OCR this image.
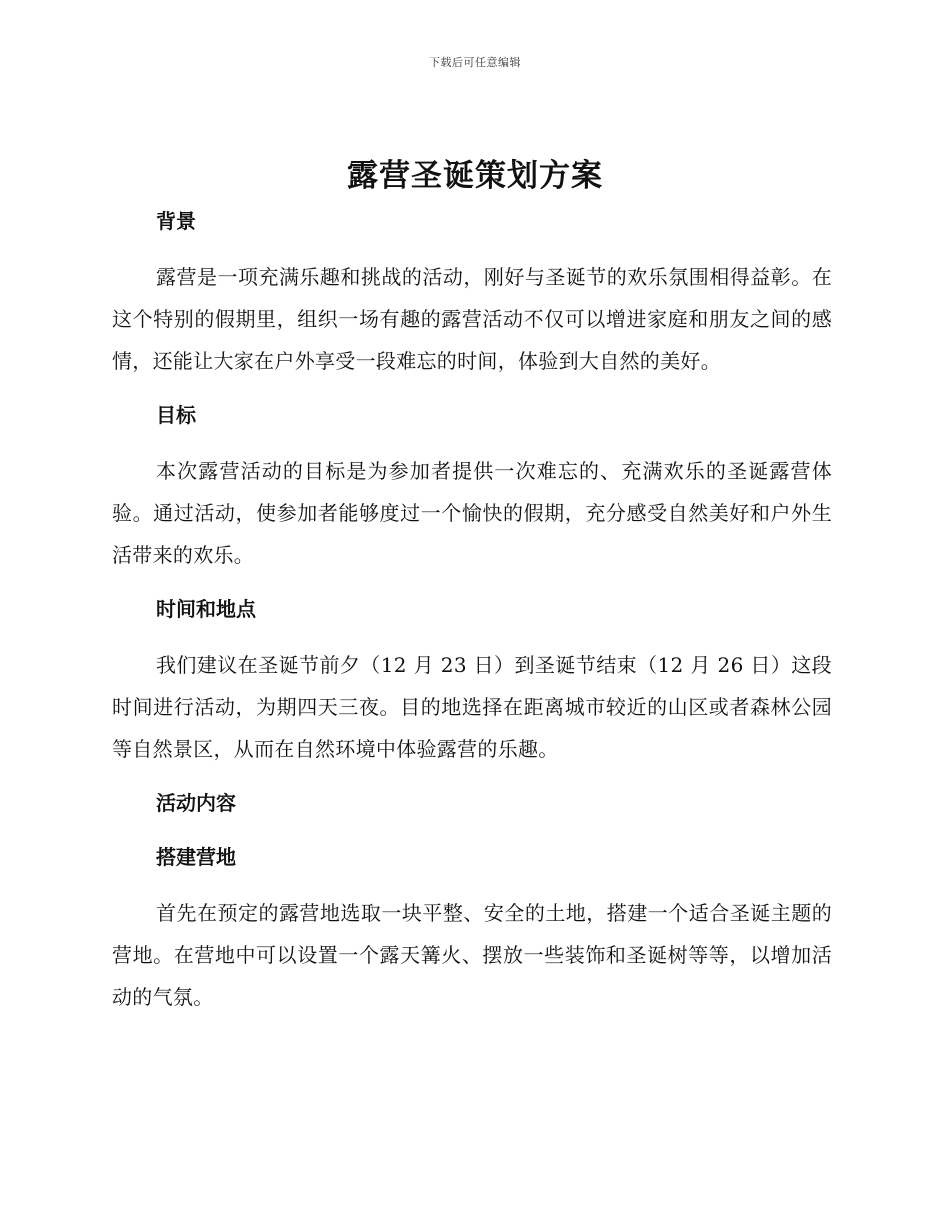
下载后可任意编辑
露营圣诞策划方案
背景

露营是一项充满乐趣和挑战的活动，刚好与圣诞节的欢乐氛围相得益彰。在这个特别的假期里，组织一场有趣的露营活动不仅可以增进家庭和朋友之间的感情，还能让大家在户外享受一段难忘的时间，体验到大自然的美好。

目标

本次露营活动的目标是为参加者提供一次难忘的、充满欢乐的圣诞露营体验。通过活动，使参加者能够度过一个愉快的假期，充分感受自然美好和户外生活带来的欢乐。

时间和地点

我们建议在圣诞节前夕（12 月 23 日）到圣诞节结束（12 月 26 日）这段时间进行活动，为期四天三夜。目的地选择在距离城市较近的山区或者森林公园等自然景区，从而在自然环境中体验露营的乐趣。

活动内容
搭建营地

首先在预定的露营地选取一块平整、安全的土地，搭建一个适合圣诞主题的营地。在营地中可以设置一个露天篝火、摆放一些装饰和圣诞树等等，以增加活动的气氛。
